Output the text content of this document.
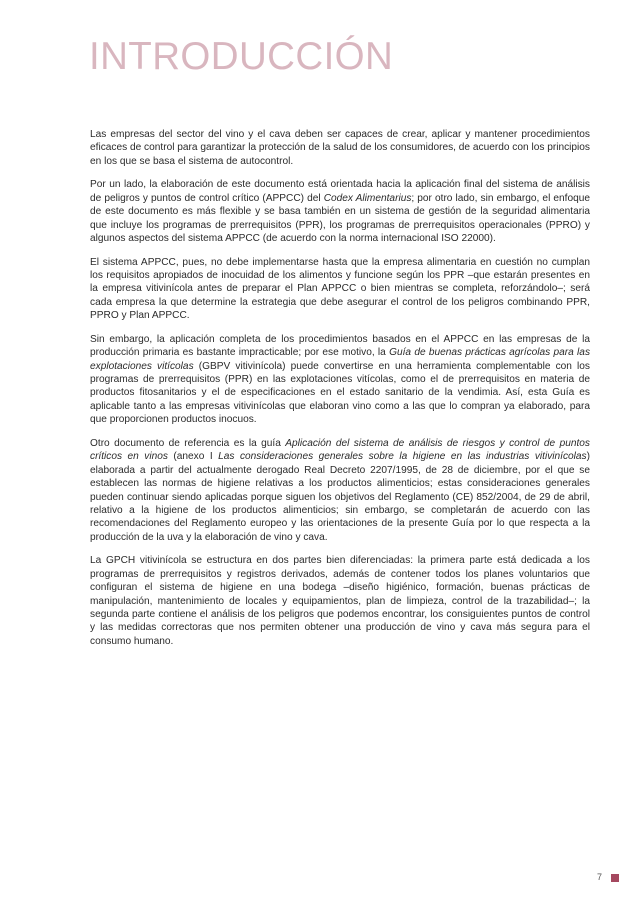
INTRODUCCIÓN

Las empresas del sector del vino y el cava deben ser capaces de crear, aplicar y mantener procedimientos eficaces de control para garantizar la protección de la salud de los consumidores, de acuerdo con los principios en los que se basa el sistema de autocontrol.

Por un lado, la elaboración de este documento está orientada hacia la aplicación final del sistema de análisis de peligros y puntos de control crítico (APPCC) del Codex Alimentarius; por otro lado, sin embargo, el enfoque de este documento es más flexible y se basa también en un sistema de gestión de la seguridad alimentaria que incluye los programas de prerrequisitos (PPR), los programas de prerrequisitos operacionales (PPRO) y algunos aspectos del sistema APPCC (de acuerdo con la norma internacional ISO 22000).

El sistema APPCC, pues, no debe implementarse hasta que la empresa alimentaria en cuestión no cumplan los requisitos apropiados de inocuidad de los alimentos y funcione según los PPR –que estarán presentes en la empresa vitivinícola antes de preparar el Plan APPCC o bien mientras se completa, reforzándolo–; será cada empresa la que determine la estrategia que debe asegurar el control de los peligros combinando PPR, PPRO y Plan APPCC.

Sin embargo, la aplicación completa de los procedimientos basados en el APPCC en las empresas de la producción primaria es bastante impracticable; por ese motivo, la Guía de buenas prácticas agrícolas para las explotaciones vitícolas (GBPV vitivinícola) puede convertirse en una herramienta complementable con los programas de prerrequisitos (PPR) en las explotaciones vitícolas, como el de prerrequisitos en materia de productos fitosanitarios y el de especificaciones en el estado sanitario de la vendimia. Así, esta Guía es aplicable tanto a las empresas vitivinícolas que elaboran vino como a las que lo compran ya elaborado, para que proporcionen productos inocuos.

Otro documento de referencia es la guía Aplicación del sistema de análisis de riesgos y control de puntos críticos en vinos (anexo I Las consideraciones generales sobre la higiene en las industrias vitivinícolas) elaborada a partir del actualmente derogado Real Decreto 2207/1995, de 28 de diciembre, por el que se establecen las normas de higiene relativas a los productos alimenticios; estas consideraciones generales pueden continuar siendo aplicadas porque siguen los objetivos del Reglamento (CE) 852/2004, de 29 de abril, relativo a la higiene de los productos alimenticios; sin embargo, se completarán de acuerdo con las recomendaciones del Reglamento europeo y las orientaciones de la presente Guía por lo que respecta a la producción de la uva y la elaboración de vino y cava.

La GPCH vitivinícola se estructura en dos partes bien diferenciadas: la primera parte está dedicada a los programas de prerrequisitos y registros derivados, además de contener todos los planes voluntarios que configuran el sistema de higiene en una bodega –diseño higiénico, formación, buenas prácticas de manipulación, mantenimiento de locales y equipamientos, plan de limpieza, control de la trazabilidad–; la segunda parte contiene el análisis de los peligros que podemos encontrar, los consiguientes puntos de control y las medidas correctoras que nos permiten obtener una producción de vino y cava más segura para el consumo humano.

7
